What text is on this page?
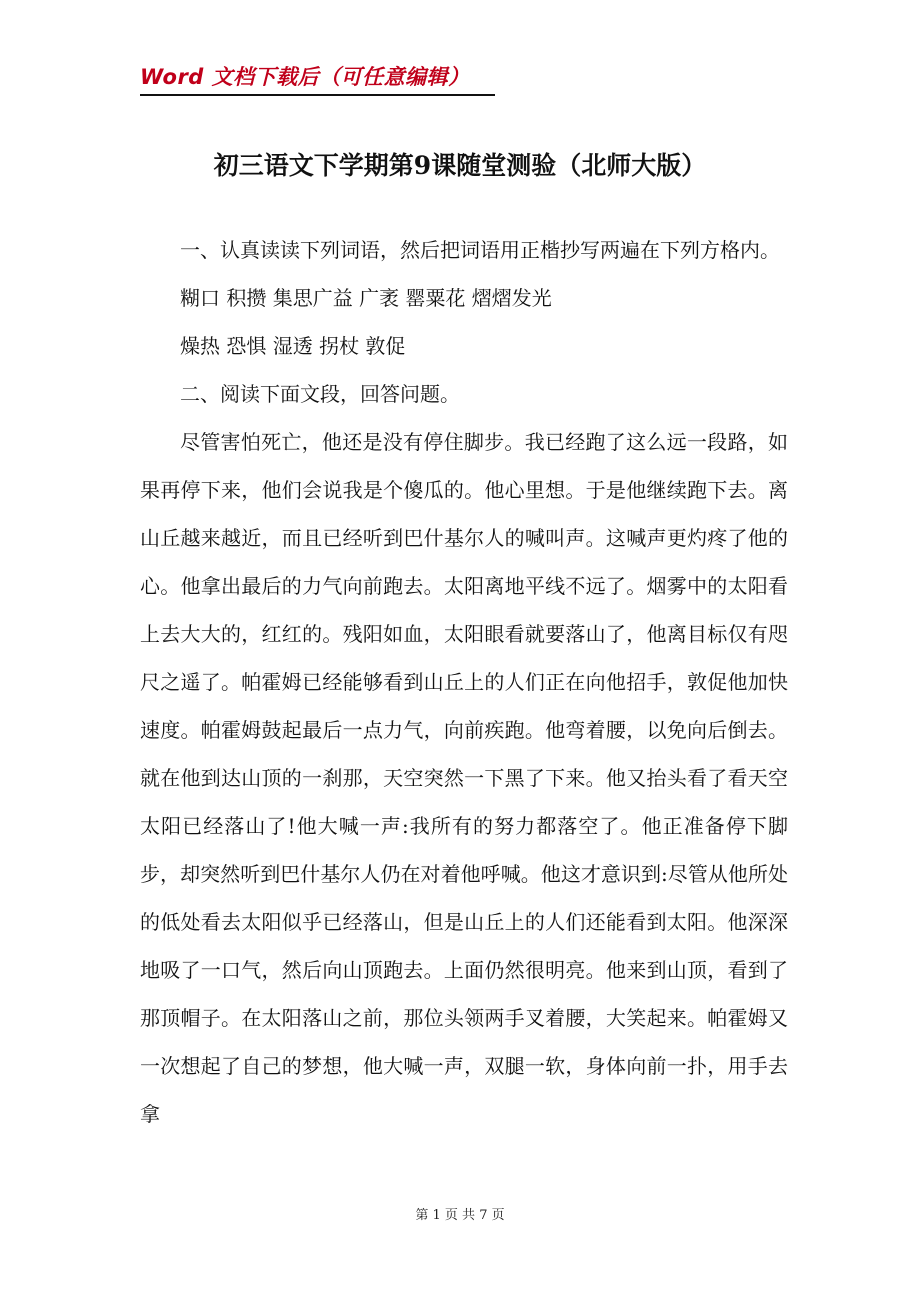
Word 文档下载后（可任意编辑）
初三语文下学期第9课随堂测验（北师大版）

一、认真读读下列词语，然后把词语用正楷抄写两遍在下列方格内。

糊口 积攒 集思广益 广袤 罂粟花 熠熠发光

燥热 恐惧 湿透 拐杖 敦促

二、阅读下面文段，回答问题。

尽管害怕死亡，他还是没有停住脚步。我已经跑了这么远一段路，如果再停下来，他们会说我是个傻瓜的。他心里想。于是他继续跑下去。离山丘越来越近，而且已经听到巴什基尔人的喊叫声。这喊声更灼疼了他的心。他拿出最后的力气向前跑去。太阳离地平线不远了。烟雾中的太阳看上去大大的，红红的。残阳如血，太阳眼看就要落山了，他离目标仅有咫尺之遥了。帕霍姆已经能够看到山丘上的人们正在向他招手，敦促他加快速度。帕霍姆鼓起最后一点力气，向前疾跑。他弯着腰，以免向后倒去。就在他到达山顶的一刹那，天空突然一下黑了下来。他又抬头看了看天空太阳已经落山了!他大喊一声:我所有的努力都落空了。他正准备停下脚步，却突然听到巴什基尔人仍在对着他呼喊。他这才意识到:尽管从他所处的低处看去太阳似乎已经落山，但是山丘上的人们还能看到太阳。他深深地吸了一口气，然后向山顶跑去。上面仍然很明亮。他来到山顶，看到了那顶帽子。在太阳落山之前，那位头领两手叉着腰，大笑起来。帕霍姆又一次想起了自己的梦想，他大喊一声，双腿一软，身体向前一扑，用手去拿

第 1 页 共 7 页
